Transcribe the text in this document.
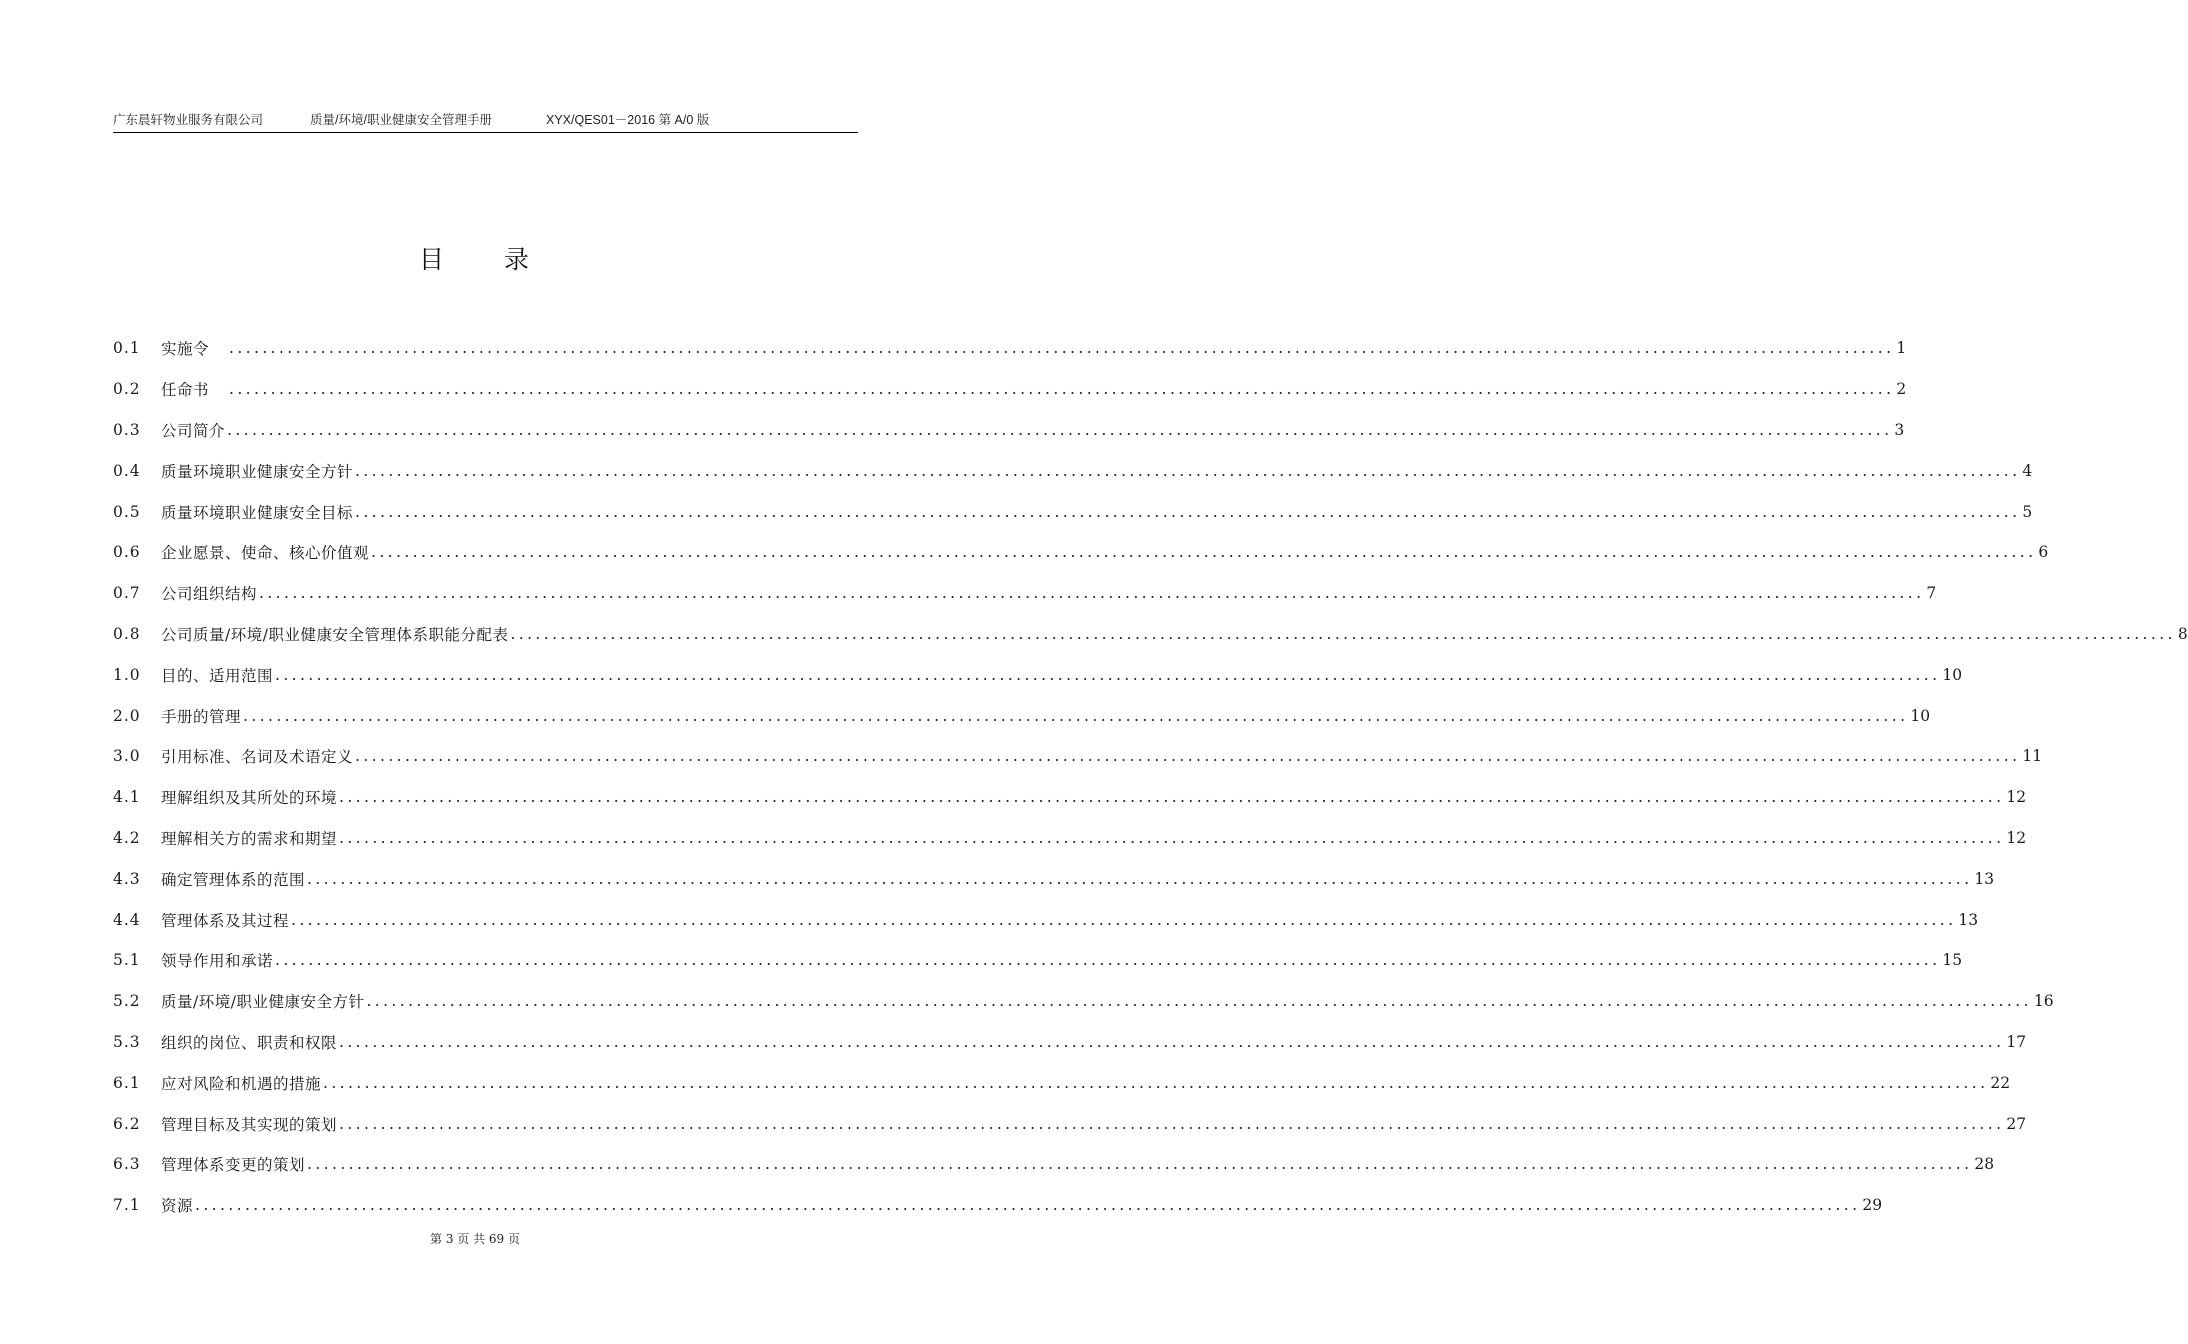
广东晨轩物业服务有限公司	质量/环境/职业健康安全管理手册	XYX/QES01－2016 第 A/0 版
目 录
0.1	实施令 ........................................................................................................................................................................................................ 1
0.2	任命书 ........................................................................................................................................................................................................ 2
0.3	公司简介 ........................................................................................................................................................................................................ 3
0.4	质量环境职业健康安全方针 ........................................................................................................................................................................................................ 4
0.5	质量环境职业健康安全目标 ........................................................................................................................................................................................................ 5
0.6	企业愿景、使命、核心价值观 ........................................................................................................................................................................................................ 6
0.7	公司组织结构 ........................................................................................................................................................................................................ 7
0.8	公司质量/环境/职业健康安全管理体系职能分配表 ........................................................................................................................................................................................................ 8
1.0	目的、适用范围 ........................................................................................................................................................................................................ 10
2.0	手册的管理 ........................................................................................................................................................................................................ 10
3.0	引用标准、名词及术语定义 ........................................................................................................................................................................................................ 11
4.1	理解组织及其所处的环境 ........................................................................................................................................................................................................ 12
4.2	理解相关方的需求和期望 ........................................................................................................................................................................................................ 12
4.3	确定管理体系的范围 ........................................................................................................................................................................................................ 13
4.4	管理体系及其过程 ........................................................................................................................................................................................................ 13
5.1	领导作用和承诺 ........................................................................................................................................................................................................ 15
5.2	质量/环境/职业健康安全方针 ........................................................................................................................................................................................................ 16
5.3	组织的岗位、职责和权限 ........................................................................................................................................................................................................ 17
6.1	应对风险和机遇的措施 ........................................................................................................................................................................................................ 22
6.2	管理目标及其实现的策划 ........................................................................................................................................................................................................ 27
6.3	管理体系变更的策划 ........................................................................................................................................................................................................ 28
7.1	资源 ........................................................................................................................................................................................................ 29
第 3 页 共 69 页
